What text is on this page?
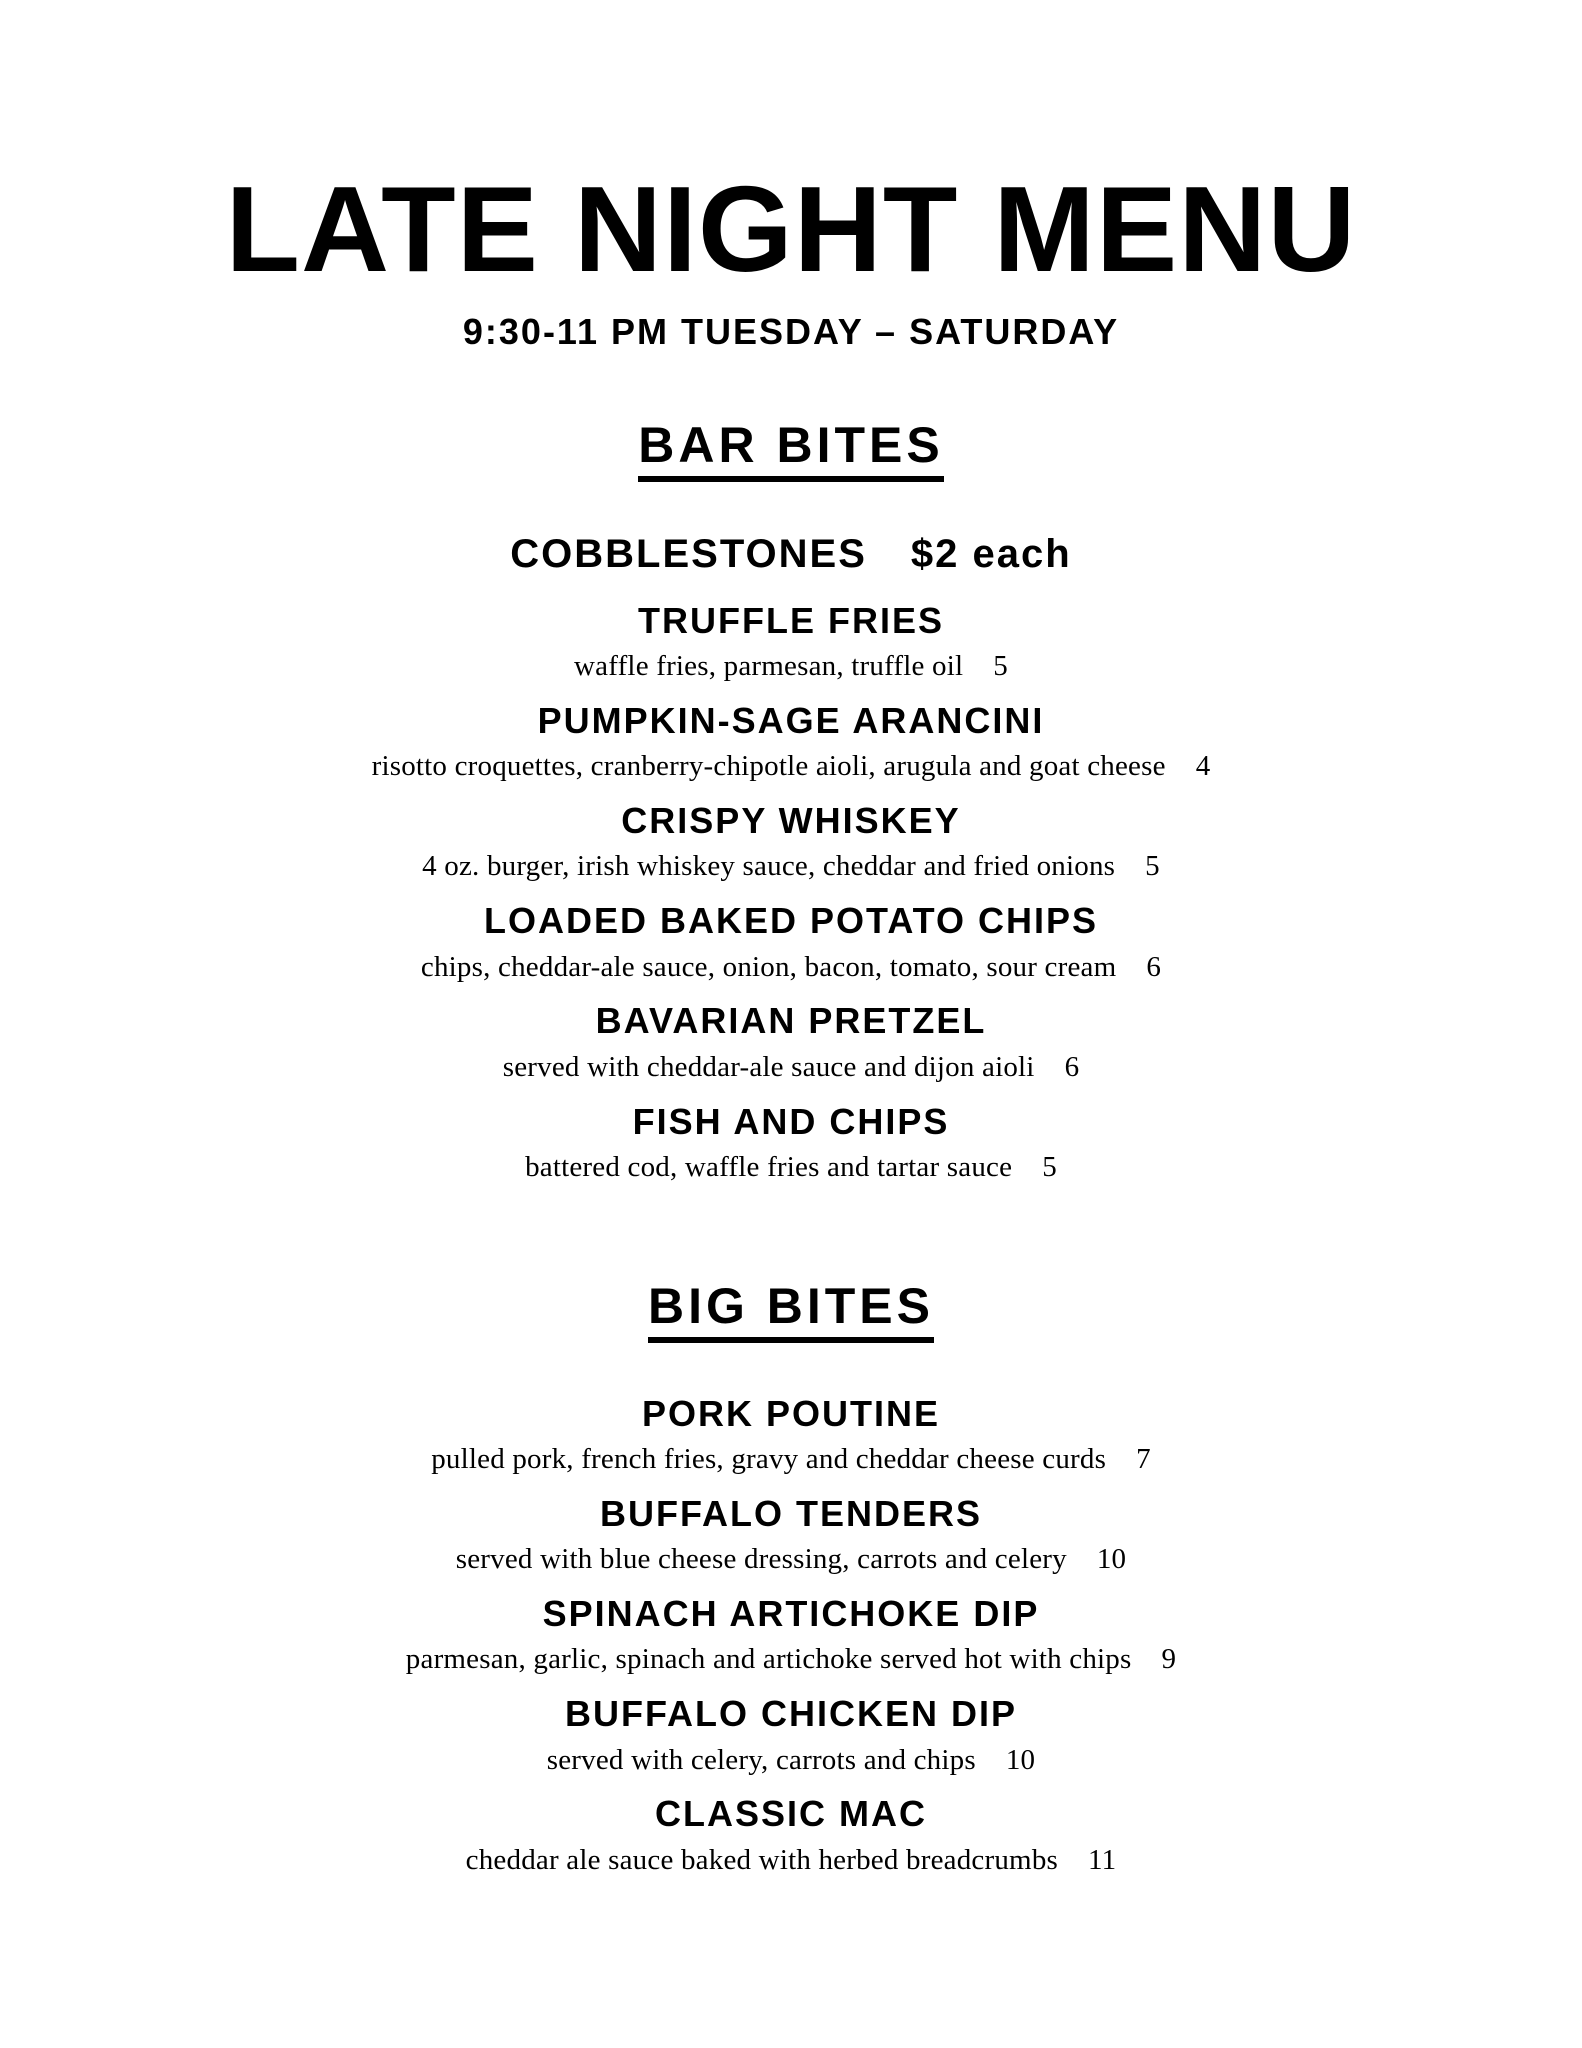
LATE NIGHT MENU
9:30-11 PM TUESDAY – SATURDAY
BAR BITES
COBBLESTONES $2 each
TRUFFLE FRIES
waffle fries, parmesan, truffle oil 5
PUMPKIN-SAGE ARANCINI
risotto croquettes, cranberry-chipotle aioli, arugula and goat cheese 4
CRISPY WHISKEY
4 oz. burger, irish whiskey sauce, cheddar and fried onions 5
LOADED BAKED POTATO CHIPS
chips, cheddar-ale sauce, onion, bacon, tomato, sour cream 6
BAVARIAN PRETZEL
served with cheddar-ale sauce and dijon aioli 6
FISH AND CHIPS
battered cod, waffle fries and tartar sauce 5
BIG BITES
PORK POUTINE
pulled pork, french fries, gravy and cheddar cheese curds 7
BUFFALO TENDERS
served with blue cheese dressing, carrots and celery 10
SPINACH ARTICHOKE DIP
parmesan, garlic, spinach and artichoke served hot with chips 9
BUFFALO CHICKEN DIP
served with celery, carrots and chips 10
CLASSIC MAC
cheddar ale sauce baked with herbed breadcrumbs 11
